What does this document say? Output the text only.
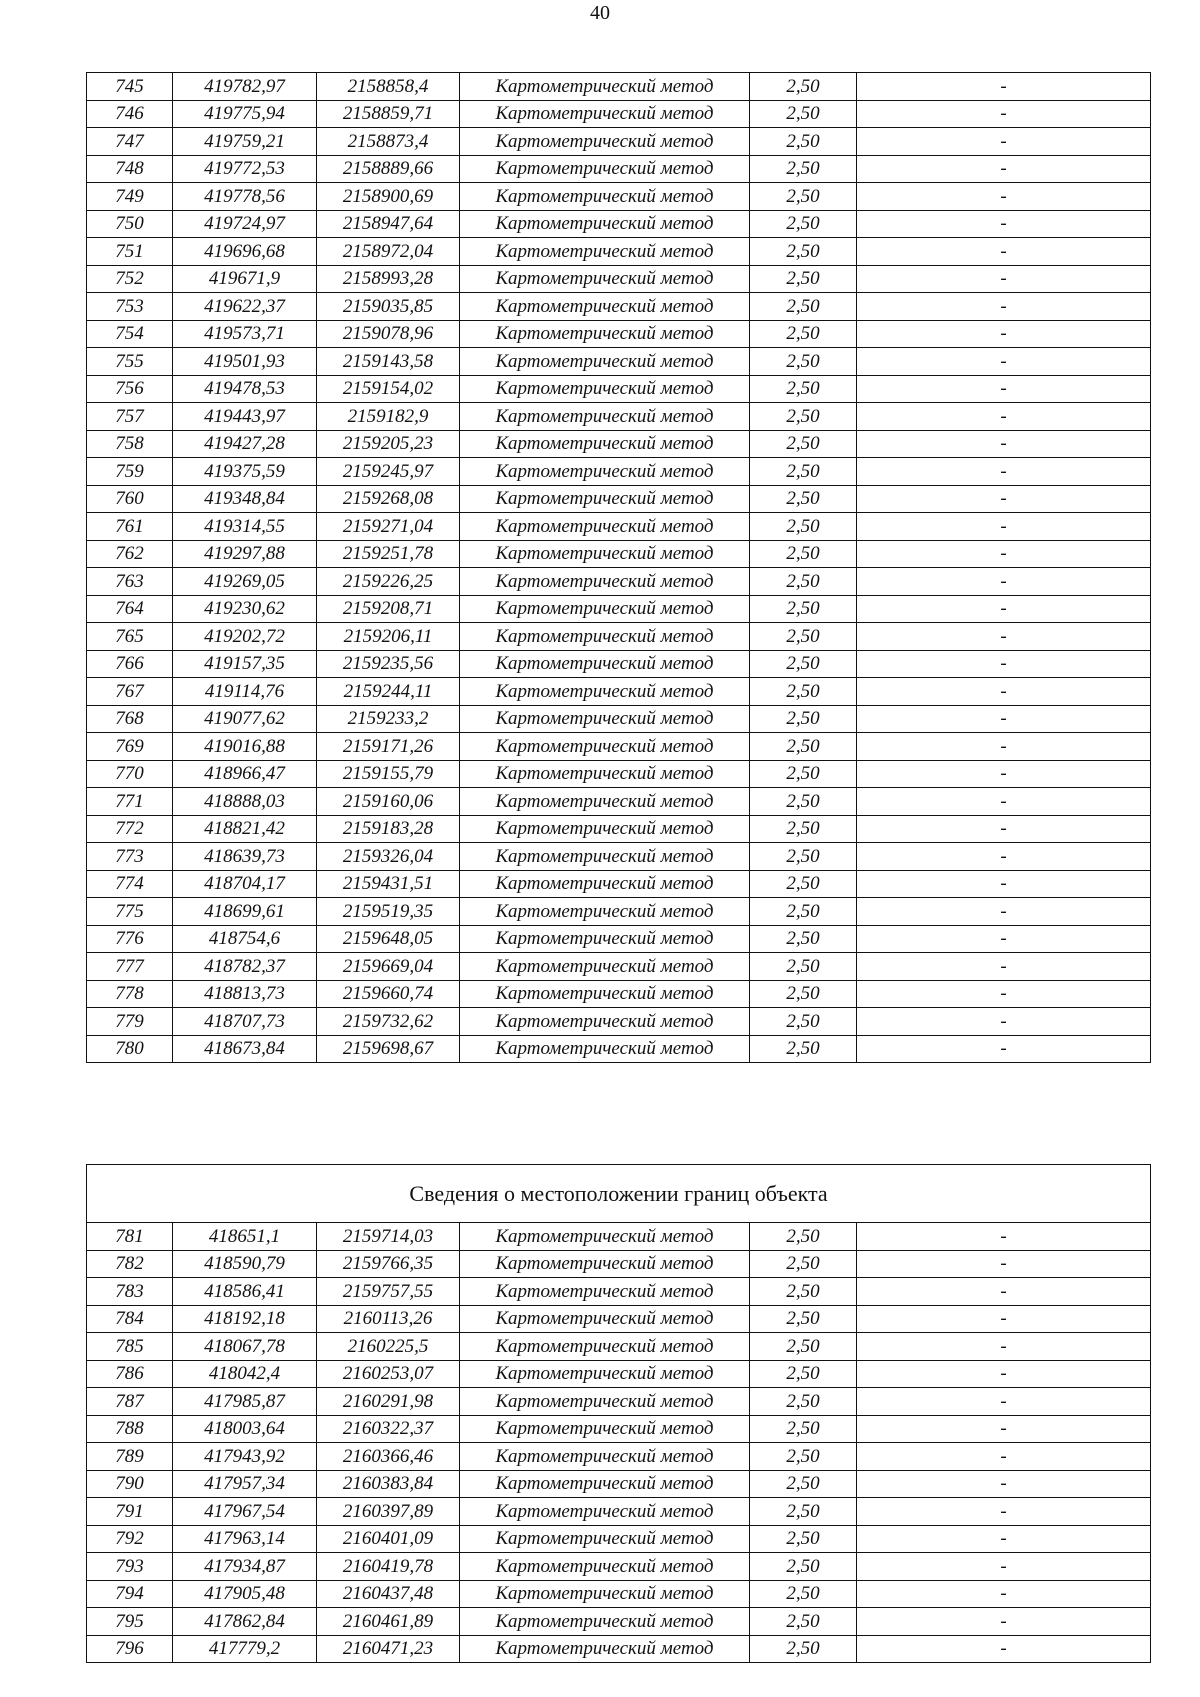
40
745	419782,97	2158858,4	Картометрический метод	2,50	-
746	419775,94	2158859,71	Картометрический метод	2,50	-
747	419759,21	2158873,4	Картометрический метод	2,50	-
748	419772,53	2158889,66	Картометрический метод	2,50	-
749	419778,56	2158900,69	Картометрический метод	2,50	-
750	419724,97	2158947,64	Картометрический метод	2,50	-
751	419696,68	2158972,04	Картометрический метод	2,50	-
752	419671,9	2158993,28	Картометрический метод	2,50	-
753	419622,37	2159035,85	Картометрический метод	2,50	-
754	419573,71	2159078,96	Картометрический метод	2,50	-
755	419501,93	2159143,58	Картометрический метод	2,50	-
756	419478,53	2159154,02	Картометрический метод	2,50	-
757	419443,97	2159182,9	Картометрический метод	2,50	-
758	419427,28	2159205,23	Картометрический метод	2,50	-
759	419375,59	2159245,97	Картометрический метод	2,50	-
760	419348,84	2159268,08	Картометрический метод	2,50	-
761	419314,55	2159271,04	Картометрический метод	2,50	-
762	419297,88	2159251,78	Картометрический метод	2,50	-
763	419269,05	2159226,25	Картометрический метод	2,50	-
764	419230,62	2159208,71	Картометрический метод	2,50	-
765	419202,72	2159206,11	Картометрический метод	2,50	-
766	419157,35	2159235,56	Картометрический метод	2,50	-
767	419114,76	2159244,11	Картометрический метод	2,50	-
768	419077,62	2159233,2	Картометрический метод	2,50	-
769	419016,88	2159171,26	Картометрический метод	2,50	-
770	418966,47	2159155,79	Картометрический метод	2,50	-
771	418888,03	2159160,06	Картометрический метод	2,50	-
772	418821,42	2159183,28	Картометрический метод	2,50	-
773	418639,73	2159326,04	Картометрический метод	2,50	-
774	418704,17	2159431,51	Картометрический метод	2,50	-
775	418699,61	2159519,35	Картометрический метод	2,50	-
776	418754,6	2159648,05	Картометрический метод	2,50	-
777	418782,37	2159669,04	Картометрический метод	2,50	-
778	418813,73	2159660,74	Картометрический метод	2,50	-
779	418707,73	2159732,62	Картометрический метод	2,50	-
780	418673,84	2159698,67	Картометрический метод	2,50	-
Сведения о местоположении границ объекта					
781	418651,1	2159714,03	Картометрический метод	2,50	-
782	418590,79	2159766,35	Картометрический метод	2,50	-
783	418586,41	2159757,55	Картометрический метод	2,50	-
784	418192,18	2160113,26	Картометрический метод	2,50	-
785	418067,78	2160225,5	Картометрический метод	2,50	-
786	418042,4	2160253,07	Картометрический метод	2,50	-
787	417985,87	2160291,98	Картометрический метод	2,50	-
788	418003,64	2160322,37	Картометрический метод	2,50	-
789	417943,92	2160366,46	Картометрический метод	2,50	-
790	417957,34	2160383,84	Картометрический метод	2,50	-
791	417967,54	2160397,89	Картометрический метод	2,50	-
792	417963,14	2160401,09	Картометрический метод	2,50	-
793	417934,87	2160419,78	Картометрический метод	2,50	-
794	417905,48	2160437,48	Картометрический метод	2,50	-
795	417862,84	2160461,89	Картометрический метод	2,50	-
796	417779,2	2160471,23	Картометрический метод	2,50	-
